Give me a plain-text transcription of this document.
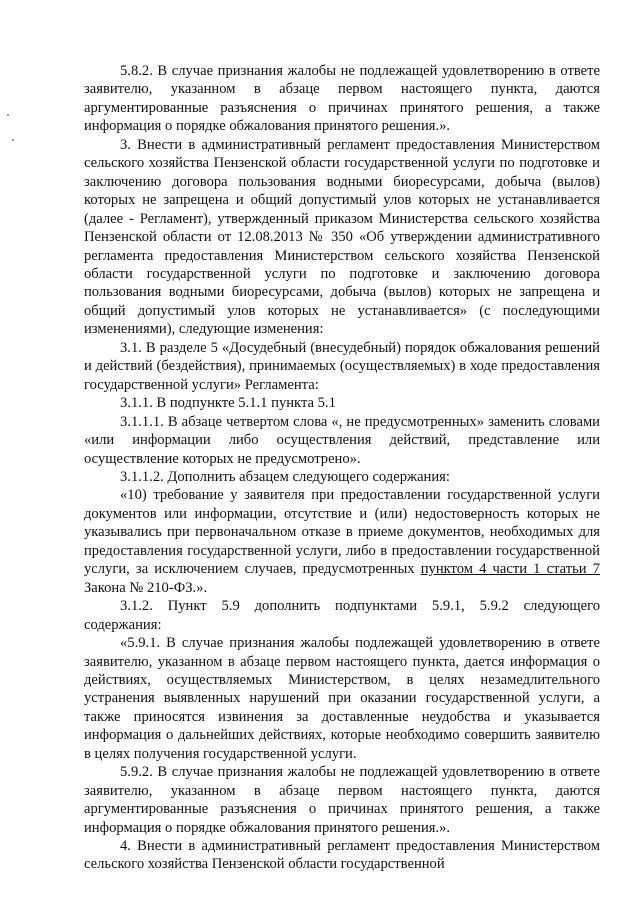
5.8.2. В случае признания жалобы не подлежащей удовлетворению в ответе заявителю, указанном в абзаце первом настоящего пункта, даются аргументированные разъяснения о причинах принятого решения, а также информация о порядке обжалования принятого решения.».

3. Внести в административный регламент предоставления Министерством сельского хозяйства Пензенской области государственной услуги по подготовке и заключению договора пользования водными биоресурсами, добыча (вылов) которых не запрещена и общий допустимый улов которых не устанавливается (далее - Регламент), утвержденный приказом Министерства сельского хозяйства Пензенской области от 12.08.2013 № 350 «Об утверждении административного регламента предоставления Министерством сельского хозяйства Пензенской области государственной услуги по подготовке и заключению договора пользования водными биоресурсами, добыча (вылов) которых не запрещена и общий допустимый улов которых не устанавливается» (с последующими изменениями), следующие изменения:

3.1. В разделе 5 «Досудебный (внесудебный) порядок обжалования решений и действий (бездействия), принимаемых (осуществляемых) в ходе предоставления государственной услуги» Регламента:

3.1.1. В подпункте 5.1.1 пункта 5.1

3.1.1.1. В абзаце четвертом слова «, не предусмотренных» заменить словами «или информации либо осуществления действий, представление или осуществление которых не предусмотрено».

3.1.1.2. Дополнить абзацем следующего содержания:

«10) требование у заявителя при предоставлении государственной услуги документов или информации, отсутствие и (или) недостоверность которых не указывались при первоначальном отказе в приеме документов, необходимых для предоставления государственной услуги, либо в предоставлении государственной услуги, за исключением случаев, предусмотренных пунктом 4 части 1 статьи 7 Закона № 210-ФЗ.».

3.1.2. Пункт 5.9 дополнить подпунктами 5.9.1, 5.9.2 следующего содержания:

«5.9.1. В случае признания жалобы подлежащей удовлетворению в ответе заявителю, указанном в абзаце первом настоящего пункта, дается информация о действиях, осуществляемых Министерством, в целях незамедлительного устранения выявленных нарушений при оказании государственной услуги, а также приносятся извинения за доставленные неудобства и указывается информация о дальнейших действиях, которые необходимо совершить заявителю в целях получения государственной услуги.

5.9.2. В случае признания жалобы не подлежащей удовлетворению в ответе заявителю, указанном в абзаце первом настоящего пункта, даются аргументированные разъяснения о причинах принятого решения, а также информация о порядке обжалования принятого решения.».

4. Внести в административный регламент предоставления Министерством сельского хозяйства Пензенской области государственной
